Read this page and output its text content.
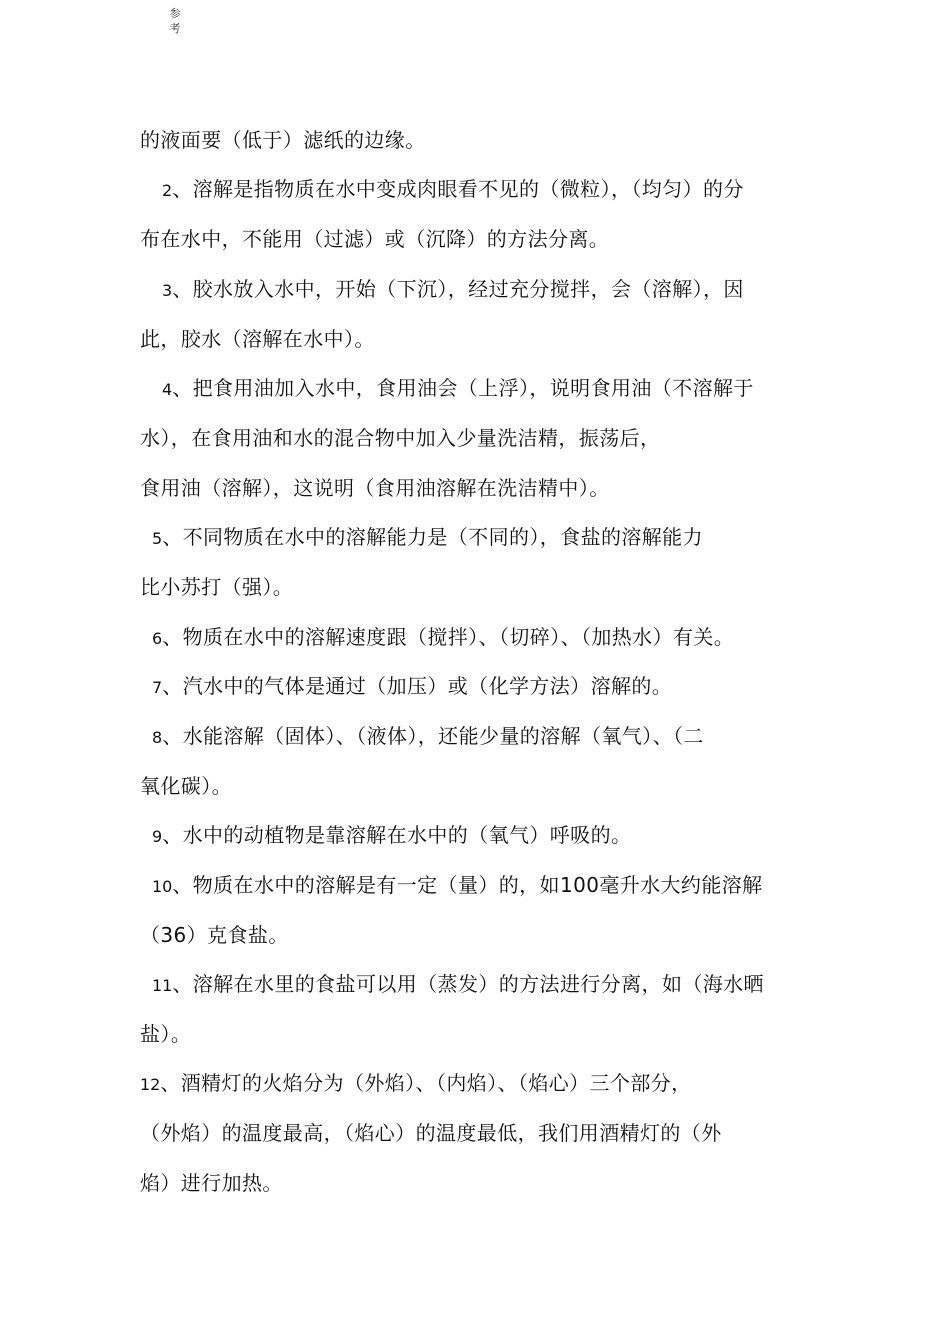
参
考
的液面要（低于）滤纸的边缘。
2、溶解是指物质在水中变成肉眼看不见的（微粒），（均匀）的分
布在水中，不能用（过滤）或（沉降）的方法分离。
3、胶水放入水中，开始（下沉），经过充分搅拌，会（溶解），因
此，胶水（溶解在水中）。
4、把食用油加入水中，食用油会（上浮），说明食用油（不溶解于
水），在食用油和水的混合物中加入少量洗洁精，振荡后，
食用油（溶解），这说明（食用油溶解在洗洁精中）。
5、不同物质在水中的溶解能力是（不同的），食盐的溶解能力
比小苏打（强）。
6、物质在水中的溶解速度跟（搅拌）、（切碎）、（加热水）有关。
7、汽水中的气体是通过（加压）或（化学方法）溶解的。
8、水能溶解（固体）、（液体），还能少量的溶解（氧气）、（二
氧化碳）。
9、水中的动植物是靠溶解在水中的（氧气）呼吸的。
10、物质在水中的溶解是有一定（量）的，如100毫升水大约能溶解
（36）克食盐。
11、溶解在水里的食盐可以用（蒸发）的方法进行分离，如（海水晒
盐）。
12、酒精灯的火焰分为（外焰）、（内焰）、（焰心）三个部分，
（外焰）的温度最高，（焰心）的温度最低，我们用酒精灯的（外
焰）进行加热。
